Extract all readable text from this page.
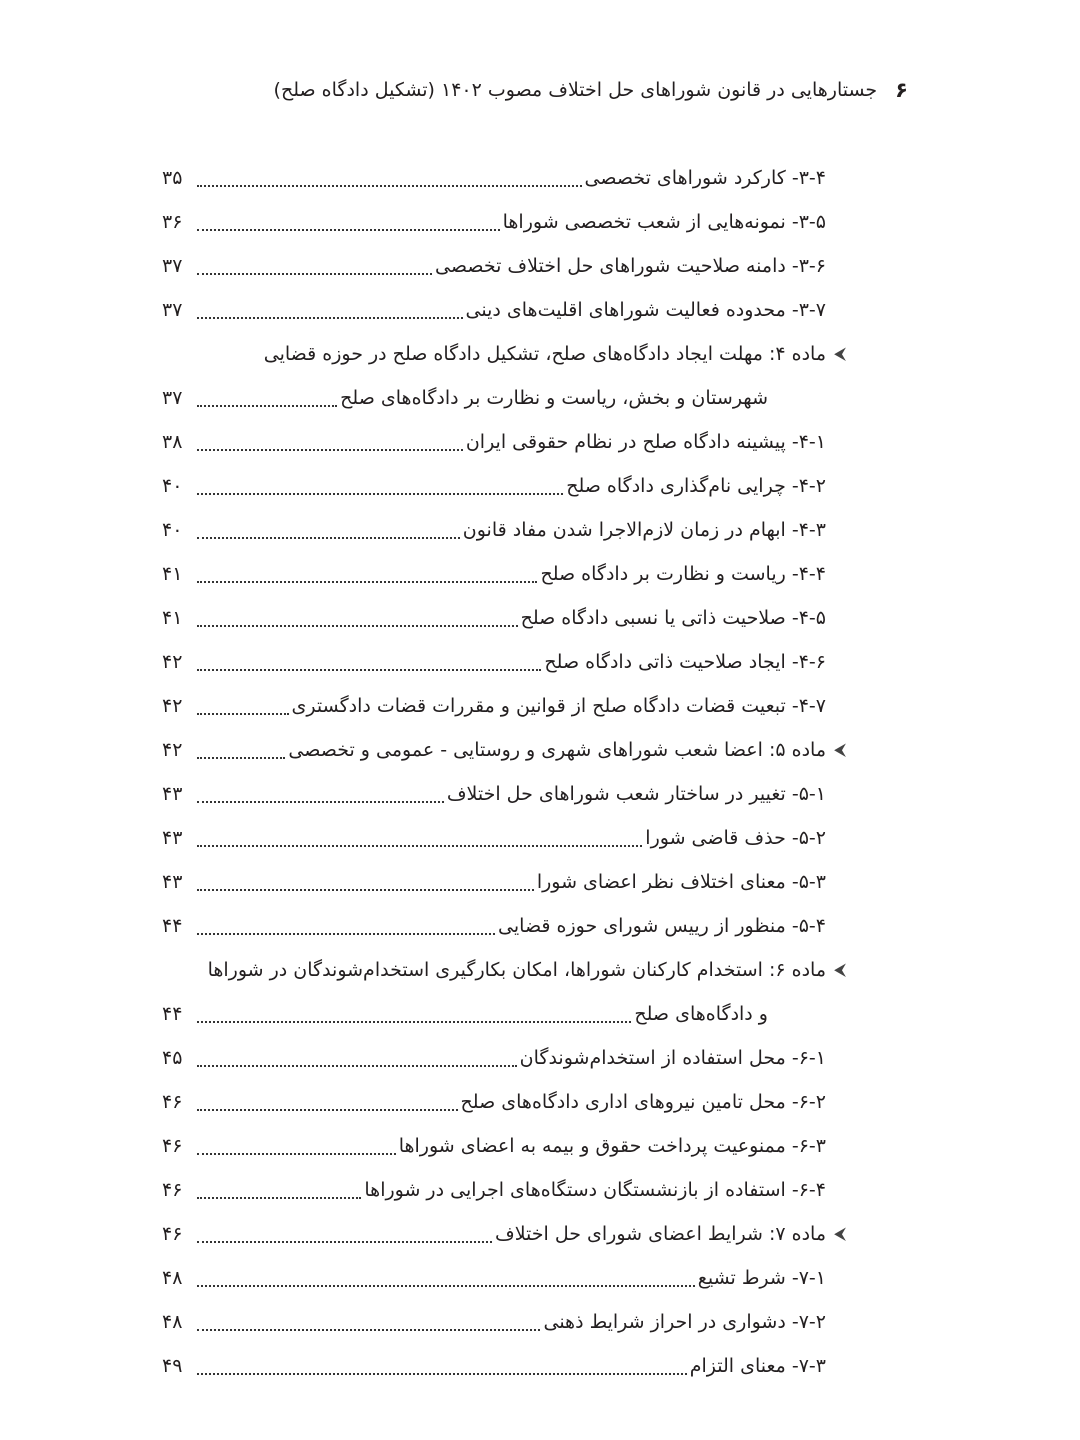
۶
جستارهایی در قانون شوراهای حل اختلاف مصوب ۱۴۰۲ (تشکیل دادگاه صلح)
۳-۴- کارکرد شوراهای تخصصی
۳۵
۳-۵- نمونه‌هایی از شعب تخصصی شوراها
۳۶
۳-۶- دامنه صلاحیت شوراهای حل اختلاف تخصصی
۳۷
۳-۷- محدوده فعالیت شوراهای اقلیت‌های دینی
۳۷
⮜
ماده ۴: مهلت ایجاد دادگاه‌های صلح، تشکیل دادگاه صلح در حوزه قضایی
شهرستان و بخش، ریاست و نظارت بر دادگاه‌های صلح
۳۷
۴-۱- پیشینه دادگاه صلح در نظام حقوقی ایران
۳۸
۴-۲- چرایی نام‌گذاری دادگاه صلح
۴۰
۴-۳- ابهام در زمان لازم‌الاجرا شدن مفاد قانون
۴۰
۴-۴- ریاست و نظارت بر دادگاه صلح
۴۱
۴-۵- صلاحیت ذاتی یا نسبی دادگاه صلح
۴۱
۴-۶- ایجاد صلاحیت ذاتی دادگاه صلح
۴۲
۴-۷- تبعیت قضات دادگاه صلح از قوانین و مقررات قضات دادگستری
۴۲
⮜
ماده ۵: اعضا شعب شوراهای شهری و روستایی - عمومی و تخصصی
۴۲
۵-۱- تغییر در ساختار شعب شوراهای حل اختلاف
۴۳
۵-۲- حذف قاضی شورا
۴۳
۵-۳- معنای اختلاف نظر اعضای شورا
۴۳
۵-۴- منظور از رییس شورای حوزه قضایی
۴۴
⮜
ماده ۶: استخدام کارکنان شوراها، امکان بکارگیری استخدام‌شوندگان در شوراها
و دادگاه‌های صلح
۴۴
۶-۱- محل استفاده از استخدام‌شوندگان
۴۵
۶-۲- محل تامین نیروهای اداری دادگاه‌های صلح
۴۶
۶-۳- ممنوعیت پرداخت حقوق و بیمه به اعضای شوراها
۴۶
۶-۴- استفاده از بازنشستگان دستگاه‌های اجرایی در شوراها
۴۶
⮜
ماده ۷: شرایط اعضای شورای حل اختلاف
۴۶
۷-۱- شرط تشیع
۴۸
۷-۲- دشواری در احراز شرایط ذهنی
۴۸
۷-۳- معنای التزام
۴۹
